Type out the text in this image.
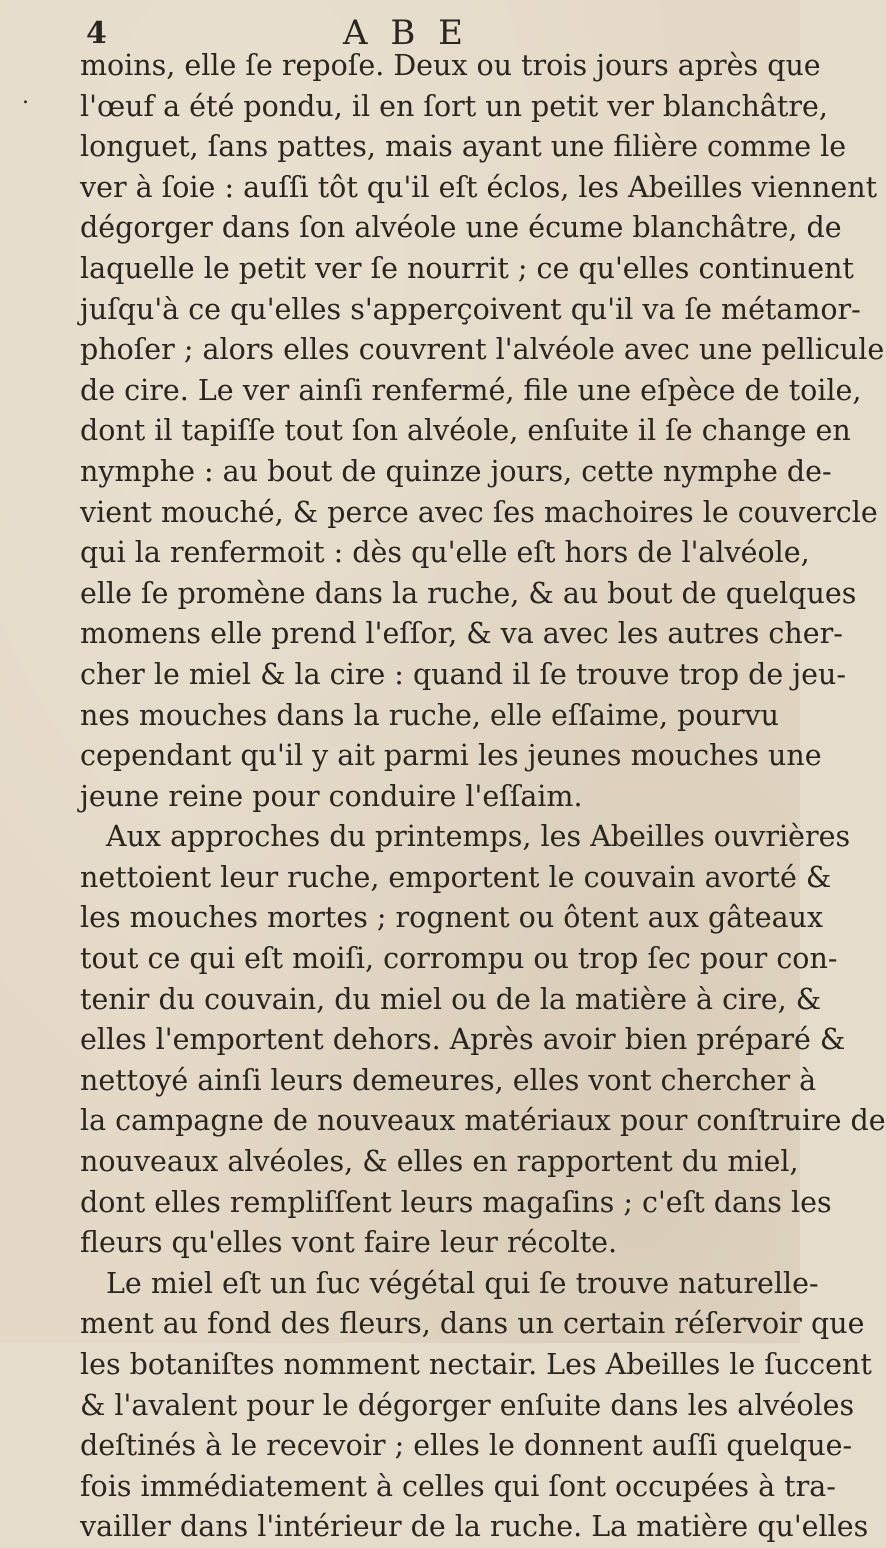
4	A B E
.
moins, elle ſe repoſe. Deux ou trois jours après que
l'œuf a été pondu, il en ſort un petit ver blanchâtre,
longuet, ſans pattes, mais ayant une filière comme le
ver à ſoie : auſſi tôt qu'il eſt éclos, les Abeilles viennent
dégorger dans ſon alvéole une écume blanchâtre, de
laquelle le petit ver ſe nourrit ; ce qu'elles continuent
juſqu'à ce qu'elles s'apperçoivent qu'il va ſe métamor-
phoſer ; alors elles couvrent l'alvéole avec une pellicule
de cire. Le ver ainſi renfermé, file une eſpèce de toile,
dont il tapiſſe tout ſon alvéole, enſuite il ſe change en
nymphe : au bout de quinze jours, cette nymphe de-
vient mouché, & perce avec ſes machoires le couvercle
qui la renfermoit : dès qu'elle eſt hors de l'alvéole,
elle ſe promène dans la ruche, & au bout de quelques
momens elle prend l'eſſor, & va avec les autres cher-
cher le miel & la cire : quand il ſe trouve trop de jeu-
nes mouches dans la ruche, elle eſſaime, pourvu
cependant qu'il y ait parmi les jeunes mouches une
jeune reine pour conduire l'eſſaim.
Aux approches du printemps, les Abeilles ouvrières
nettoient leur ruche, emportent le couvain avorté &
les mouches mortes ; rognent ou ôtent aux gâteaux
tout ce qui eſt moiſi, corrompu ou trop ſec pour con-
tenir du couvain, du miel ou de la matière à cire, &
elles l'emportent dehors. Après avoir bien préparé &
nettoyé ainſi leurs demeures, elles vont chercher à
la campagne de nouveaux matériaux pour conſtruire de
nouveaux alvéoles, & elles en rapportent du miel,
dont elles rempliſſent leurs magaſins ; c'eſt dans les
fleurs qu'elles vont faire leur récolte.
Le miel eſt un ſuc végétal qui ſe trouve naturelle-
ment au fond des fleurs, dans un certain réſervoir que
les botaniſtes nomment nectair. Les Abeilles le ſuccent
& l'avalent pour le dégorger enſuite dans les alvéoles
deſtinés à le recevoir ; elles le donnent auſſi quelque-
fois immédiatement à celles qui ſont occupées à tra-
vailler dans l'intérieur de la ruche. La matière qu'elles
